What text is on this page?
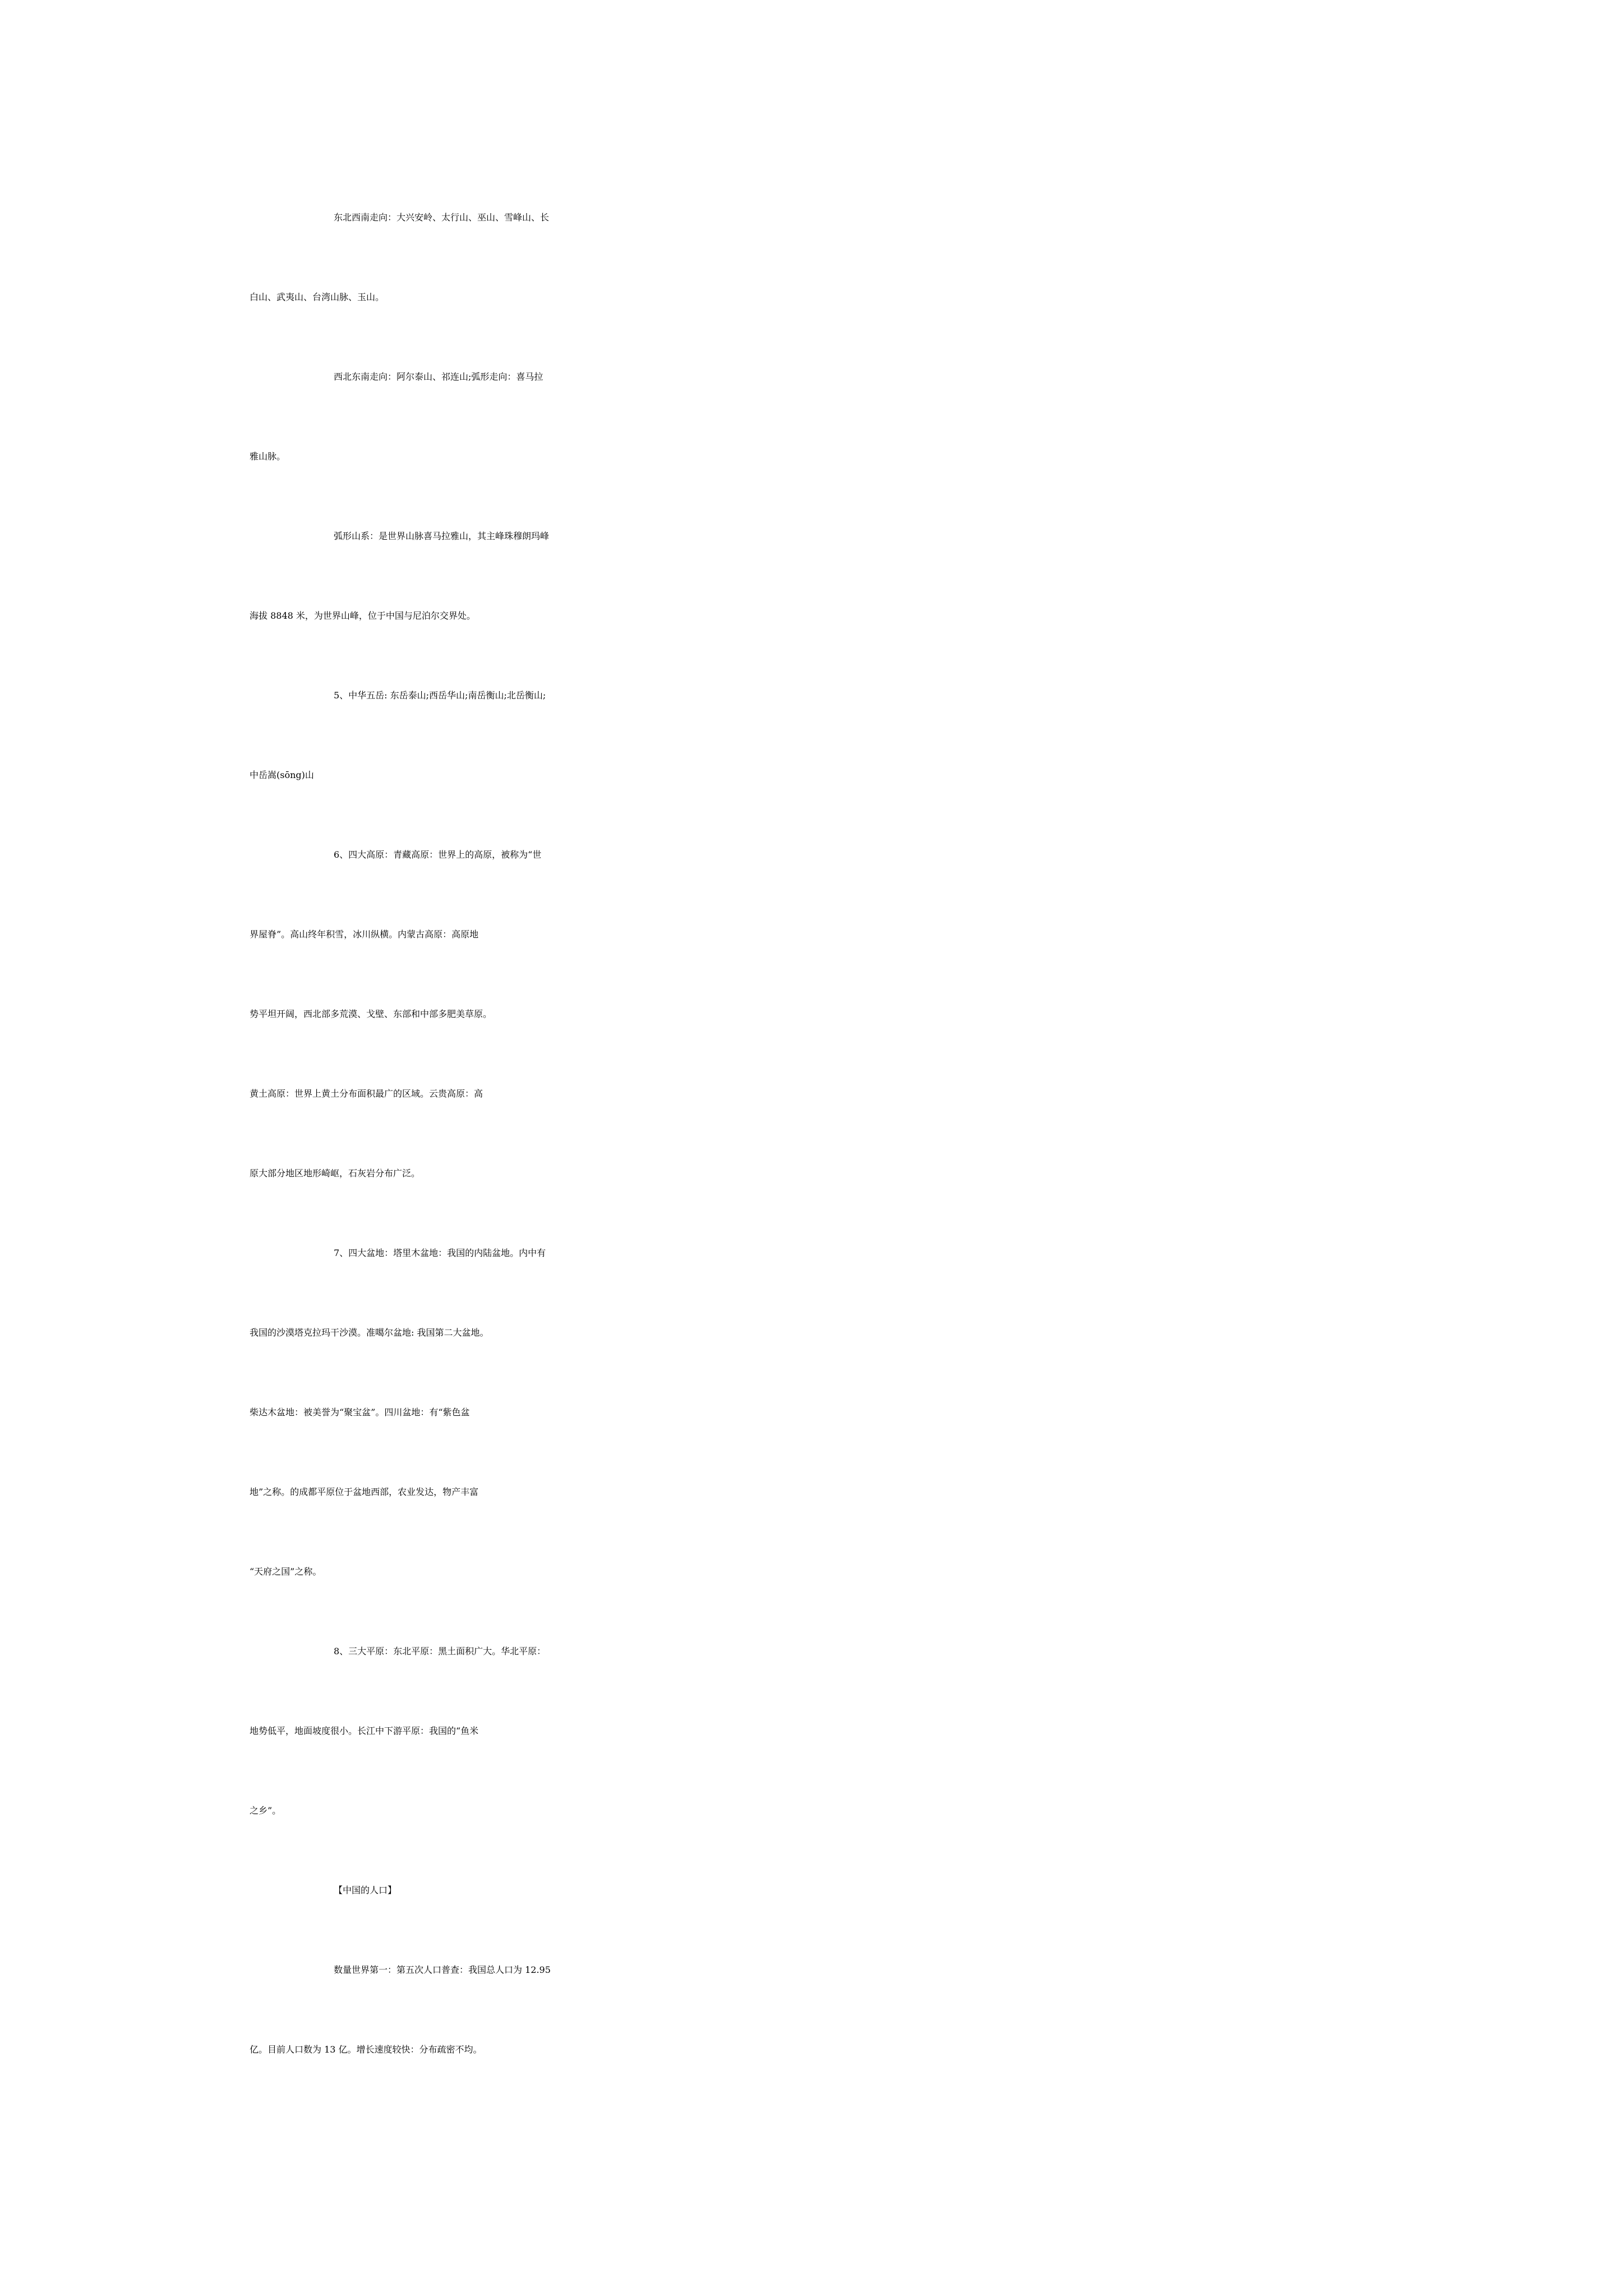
东北西南走向：大兴安岭、太行山、巫山、雪峰山、长
白山、武夷山、台湾山脉、玉山。
西北东南走向：阿尔泰山、祁连山;弧形走向：喜马拉
雅山脉。
弧形山系：是世界山脉喜马拉雅山，其主峰珠穆朗玛峰
海拔 8848 米，为世界山峰，位于中国与尼泊尔交界处。
5、中华五岳: 东岳泰山;西岳华山;南岳衡山;北岳衡山;
中岳嵩(sōng)山
6、四大高原：青藏高原：世界上的高原，被称为“世
界屋脊”。高山终年积雪，冰川纵横。内蒙古高原：高原地
势平坦开阔，西北部多荒漠、戈壁、东部和中部多肥美草原。
黄土高原：世界上黄土分布面积最广的区域。云贵高原：高
原大部分地区地形崎岖，石灰岩分布广泛。
7、四大盆地：塔里木盆地：我国的内陆盆地。内中有
我国的沙漠塔克拉玛干沙漠。准噶尔盆地: 我国第二大盆地。
柴达木盆地：被美誉为“聚宝盆”。四川盆地：有“紫色盆
地”之称。的成都平原位于盆地西部，农业发达，物产丰富
“天府之国”之称。
8、三大平原：东北平原：黑土面积广大。华北平原：
地势低平，地面坡度很小。长江中下游平原：我国的“鱼米
之乡”。
【中国的人口】
数量世界第一：第五次人口普查：我国总人口为 12.95
亿。目前人口数为 13 亿。增长速度较快：分布疏密不均。
